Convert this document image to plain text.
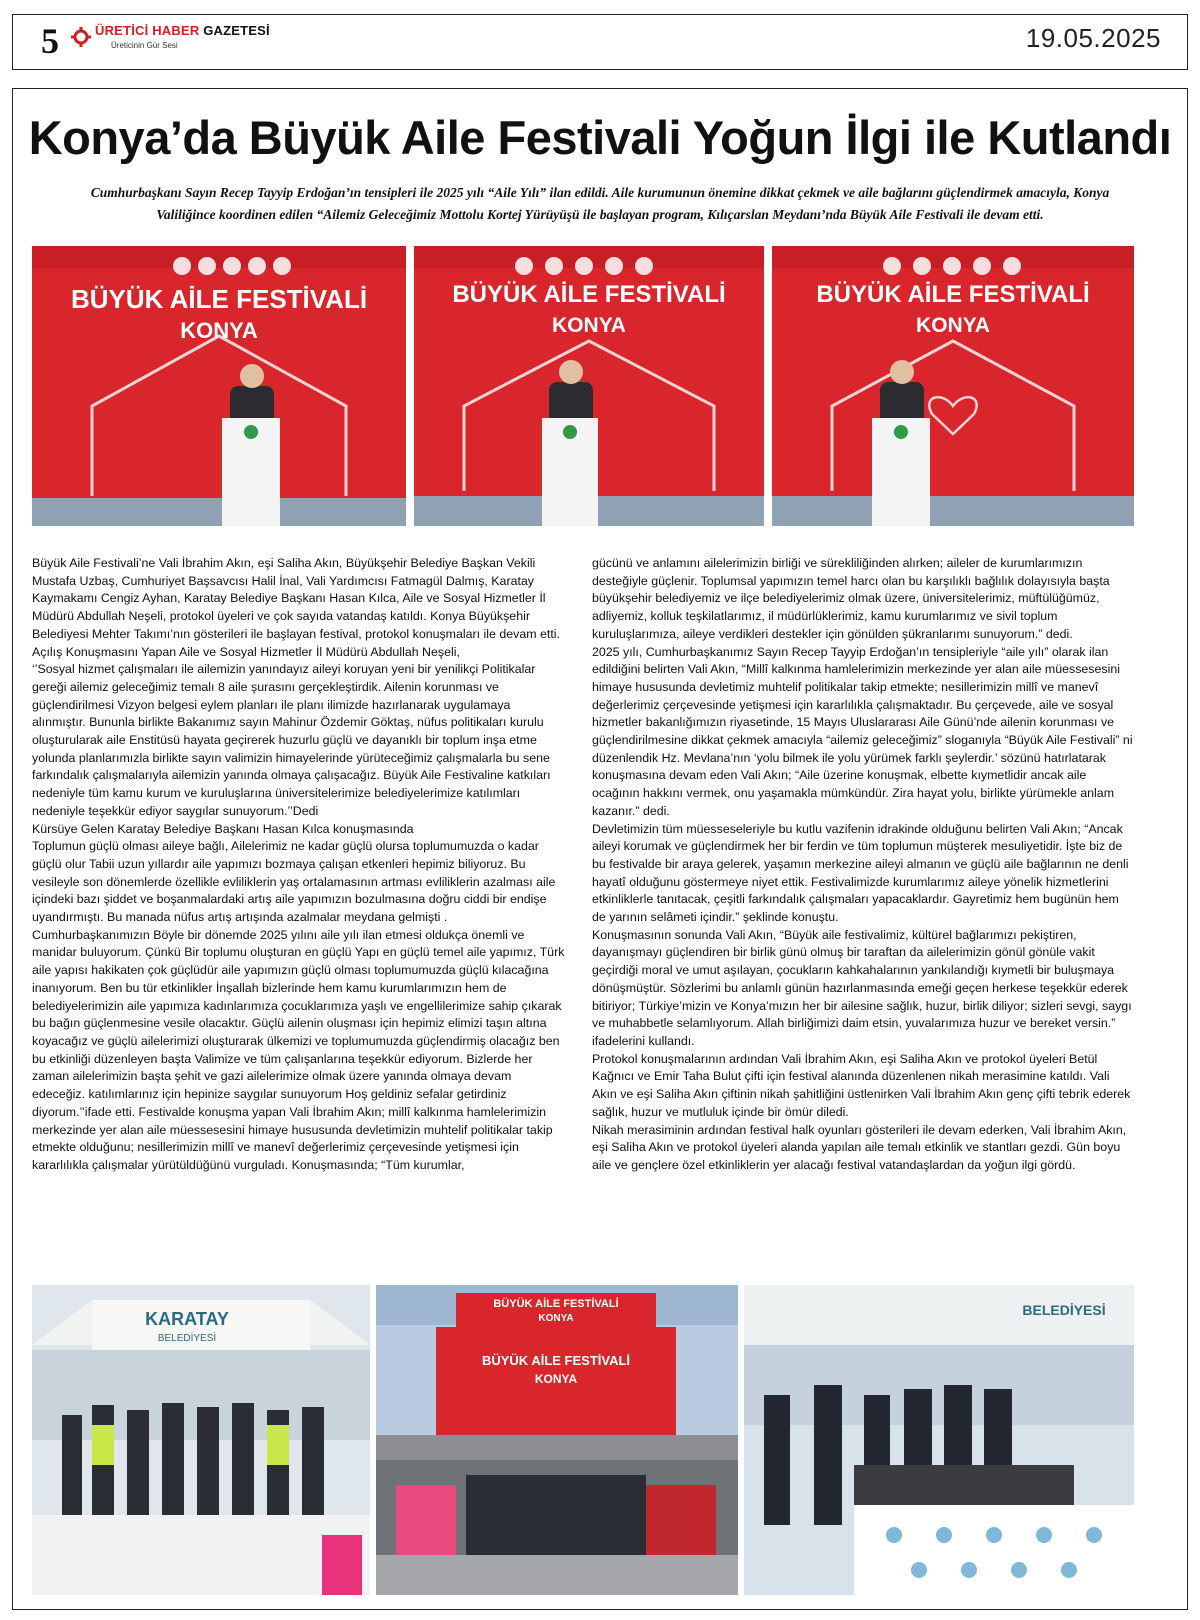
5	ÜRETİCİ HABER GAZETESİ
Üreticinin Gür Sesi	19.05.2025
Konya’da Büyük Aile Festivali Yoğun İlgi ile Kutlandı

Cumhurbaşkanı Sayın Recep Tayyip Erdoğan’ın tensipleri ile 2025 yılı “Aile Yılı” ilan edildi. Aile kurumunun önemine dikkat çekmek ve aile bağlarını güçlendirmek amacıyla, Konya Valiliğince koordinen edilen “Ailemiz Geleceğimiz Mottolu Kortej Yürüyüşü ile başlayan program, Kılıçarslan Meydanı’nda Büyük Aile Festivali ile devam etti.

BÜYÜK AİLE FESTİVALİ
KONYA
BÜYÜK AİLE FESTİVALİ
KONYA
BÜYÜK AİLE FESTİVALİ
KONYA

Büyük Aile Festivali’ne Vali İbrahim Akın, eşi Saliha Akın, Büyükşehir Belediye Başkan Vekili Mustafa Uzbaş, Cumhuriyet Başsavcısı Halil İnal, Vali Yardımcısı Fatmagül Dalmış, Karatay Kaymakamı Cengiz Ayhan, Karatay Belediye Başkanı Hasan Kılca, Aile ve Sosyal Hizmetler İl Müdürü Abdullah Neşeli, protokol üyeleri ve çok sayıda vatandaş katıldı. Konya Büyükşehir Belediyesi Mehter Takımı’nın gösterileri ile başlayan festival, protokol konuşmaları ile devam etti.

Açılış Konuşmasını Yapan Aile ve Sosyal Hizmetler İl Müdürü Abdullah Neşeli,

‘’Sosyal hizmet çalışmaları ile ailemizin yanındayız aileyi koruyan yeni bir yenilikçi Politikalar gereği ailemiz geleceğimiz temalı 8 aile şurasını gerçekleştirdik. Ailenin korunması ve güçlendirilmesi Vizyon belgesi eylem planları ile planı ilimizde hazırlanarak uygulamaya alınmıştır. Bununla birlikte Bakanımız sayın Mahinur Özdemir Göktaş, nüfus politikaları kurulu oluşturularak aile Enstitüsü hayata geçirerek huzurlu güçlü ve dayanıklı bir toplum inşa etme yolunda planlarımızla birlikte sayın valimizin himayelerinde yürüteceğimiz çalışmalarla bu sene farkındalık çalışmalarıyla ailemizin yanında olmaya çalışacağız. Büyük Aile Festivaline katkıları nedeniyle tüm kamu kurum ve kuruluşlarına üniversitelerimize belediyelerimize katılımları nedeniyle teşekkür ediyor saygılar sunuyorum.’’Dedi

Kürsüye Gelen Karatay Belediye Başkanı Hasan Kılca konuşmasında

Toplumun güçlü olması aileye bağlı, Ailelerimiz ne kadar güçlü olursa toplumumuzda o kadar güçlü olur Tabii uzun yıllardır aile yapımızı bozmaya çalışan etkenleri hepimiz biliyoruz. Bu vesileyle son dönemlerde özellikle evliliklerin yaş ortalamasının artması evliliklerin azalması aile içindeki bazı şiddet ve boşanmalardaki artış aile yapımızın bozulmasına doğru ciddi bir endişe uyandırmıştı. Bu manada nüfus artış artışında azalmalar meydana gelmişti . Cumhurbaşkanımızın Böyle bir dönemde 2025 yılını aile yılı ilan etmesi oldukça önemli ve manidar buluyorum. Çünkü Bir toplumu oluşturan en güçlü Yapı en güçlü temel aile yapımız, Türk aile yapısı hakikaten çok güçlüdür aile yapımızın güçlü olması toplumumuzda güçlü kılacağına inanıyorum. Ben bu tür etkinlikler İnşallah bizlerinde hem kamu kurumlarımızın hem de belediyelerimizin aile yapımıza kadınlarımıza çocuklarımıza yaşlı ve engellilerimize sahip çıkarak bu bağın güçlenmesine vesile olacaktır. Güçlü ailenin oluşması için hepimiz elimizi taşın altına koyacağız ve güçlü ailelerimizi oluşturarak ülkemizi ve toplumumuzda güçlendirmiş olacağız ben bu etkinliği düzenleyen başta Valimize ve tüm çalışanlarına teşekkür ediyorum. Bizlerde her zaman ailelerimizin başta şehit ve gazi ailelerimize olmak üzere yanında olmaya devam edeceğiz. katılımlarınız için hepinize saygılar sunuyorum Hoş geldiniz sefalar getirdiniz diyorum.’’ifade etti. Festivalde konuşma yapan Vali İbrahim Akın; millî kalkınma hamlelerimizin merkezinde yer alan aile müessesesini himaye hususunda devletimizin muhtelif politikalar takip etmekte olduğunu; nesillerimizin millî ve manevî değerlerimiz çerçevesinde yetişmesi için kararlılıkla çalışmalar yürütüldüğünü vurguladı. Konuşmasında; “Tüm kurumlar,

gücünü ve anlamını ailelerimizin birliği ve sürekliliğinden alırken; aileler de kurumlarımızın desteğiyle güçlenir. Toplumsal yapımızın temel harcı olan bu karşılıklı bağlılık dolayısıyla başta büyükşehir belediyemiz ve ilçe belediyelerimiz olmak üzere, üniversitelerimiz, müftülüğümüz, adliyemiz, kolluk teşkilatlarımız, il müdürlüklerimiz, kamu kurumlarımız ve sivil toplum kuruluşlarımıza, aileye verdikleri destekler için gönülden şükranlarımı sunuyorum.” dedi.

2025 yılı, Cumhurbaşkanımız Sayın Recep Tayyip Erdoğan’ın tensipleriyle “aile yılı” olarak ilan edildiğini belirten Vali Akın, “Millî kalkınma hamlelerimizin merkezinde yer alan aile müessesesini himaye hususunda devletimiz muhtelif politikalar takip etmekte; nesillerimizin millî ve manevî değerlerimiz çerçevesinde yetişmesi için kararlılıkla çalışmaktadır. Bu çerçevede, aile ve sosyal hizmetler bakanlığımızın riyasetinde, 15 Mayıs Uluslararası Aile Günü’nde ailenin korunması ve güçlendirilmesine dikkat çekmek amacıyla “ailemiz geleceğimiz” sloganıyla “Büyük Aile Festivali” ni düzenlendik Hz. Mevlana’nın ‘yolu bilmek ile yolu yürümek farklı şeylerdir.’ sözünü hatırlatarak konuşmasına devam eden Vali Akın; “Aile üzerine konuşmak, elbette kıymetlidir ancak aile ocağının hakkını vermek, onu yaşamakla mümkündür. Zira hayat yolu, birlikte yürümekle anlam kazanır.” dedi.

Devletimizin tüm müesseseleriyle bu kutlu vazifenin idrakinde olduğunu belirten Vali Akın; “Ancak aileyi korumak ve güçlendirmek her bir ferdin ve tüm toplumun müşterek mesuliyetidir. İşte biz de bu festivalde bir araya gelerek, yaşamın merkezine aileyi almanın ve güçlü aile bağlarının ne denli hayatî olduğunu göstermeye niyet ettik. Festivalimizde kurumlarımız aileye yönelik hizmetlerini etkinliklerle tanıtacak, çeşitli farkındalık çalışmaları yapacaklardır. Gayretimiz hem bugünün hem de yarının selâmeti içindir.” şeklinde konuştu.

Konuşmasının sonunda Vali Akın, “Büyük aile festivalimiz, kültürel bağlarımızı pekiştiren, dayanışmayı güçlendiren bir birlik günü olmuş bir taraftan da ailelerimizin gönül gönüle vakit geçirdiği moral ve umut aşılayan, çocukların kahkahalarının yankılandığı kıymetli bir buluşmaya dönüşmüştür. Sözlerimi bu anlamlı günün hazırlanmasında emeği geçen herkese teşekkür ederek bitiriyor; Türkiye’mizin ve Konya’mızın her bir ailesine sağlık, huzur, birlik diliyor; sizleri sevgi, saygı ve muhabbetle selamlıyorum. Allah birliğimizi daim etsin, yuvalarımıza huzur ve bereket versin.” ifadelerini kullandı.

Protokol konuşmalarının ardından Vali İbrahim Akın, eşi Saliha Akın ve protokol üyeleri Betül Kağnıcı ve Emir Taha Bulut çifti için festival alanında düzenlenen nikah merasimine katıldı. Vali Akın ve eşi Saliha Akın çiftinin nikah şahitliğini üstlenirken Vali İbrahim Akın genç çifti tebrik ederek sağlık, huzur ve mutluluk içinde bir ömür diledi.

Nikah merasiminin ardından festival halk oyunları gösterileri ile devam ederken, Vali İbrahim Akın, eşi Saliha Akın ve protokol üyeleri alanda yapılan aile temalı etkinlik ve stantları gezdi. Gün boyu aile ve gençlere özel etkinliklerin yer alacağı festival vatandaşlardan da yoğun ilgi gördü.

KARATAY
BELEDİYESİ
BÜYÜK AİLE FESTİVALİ
KONYA
BÜYÜK AİLE FESTİVALİ
KONYA
BELEDİYESİ
